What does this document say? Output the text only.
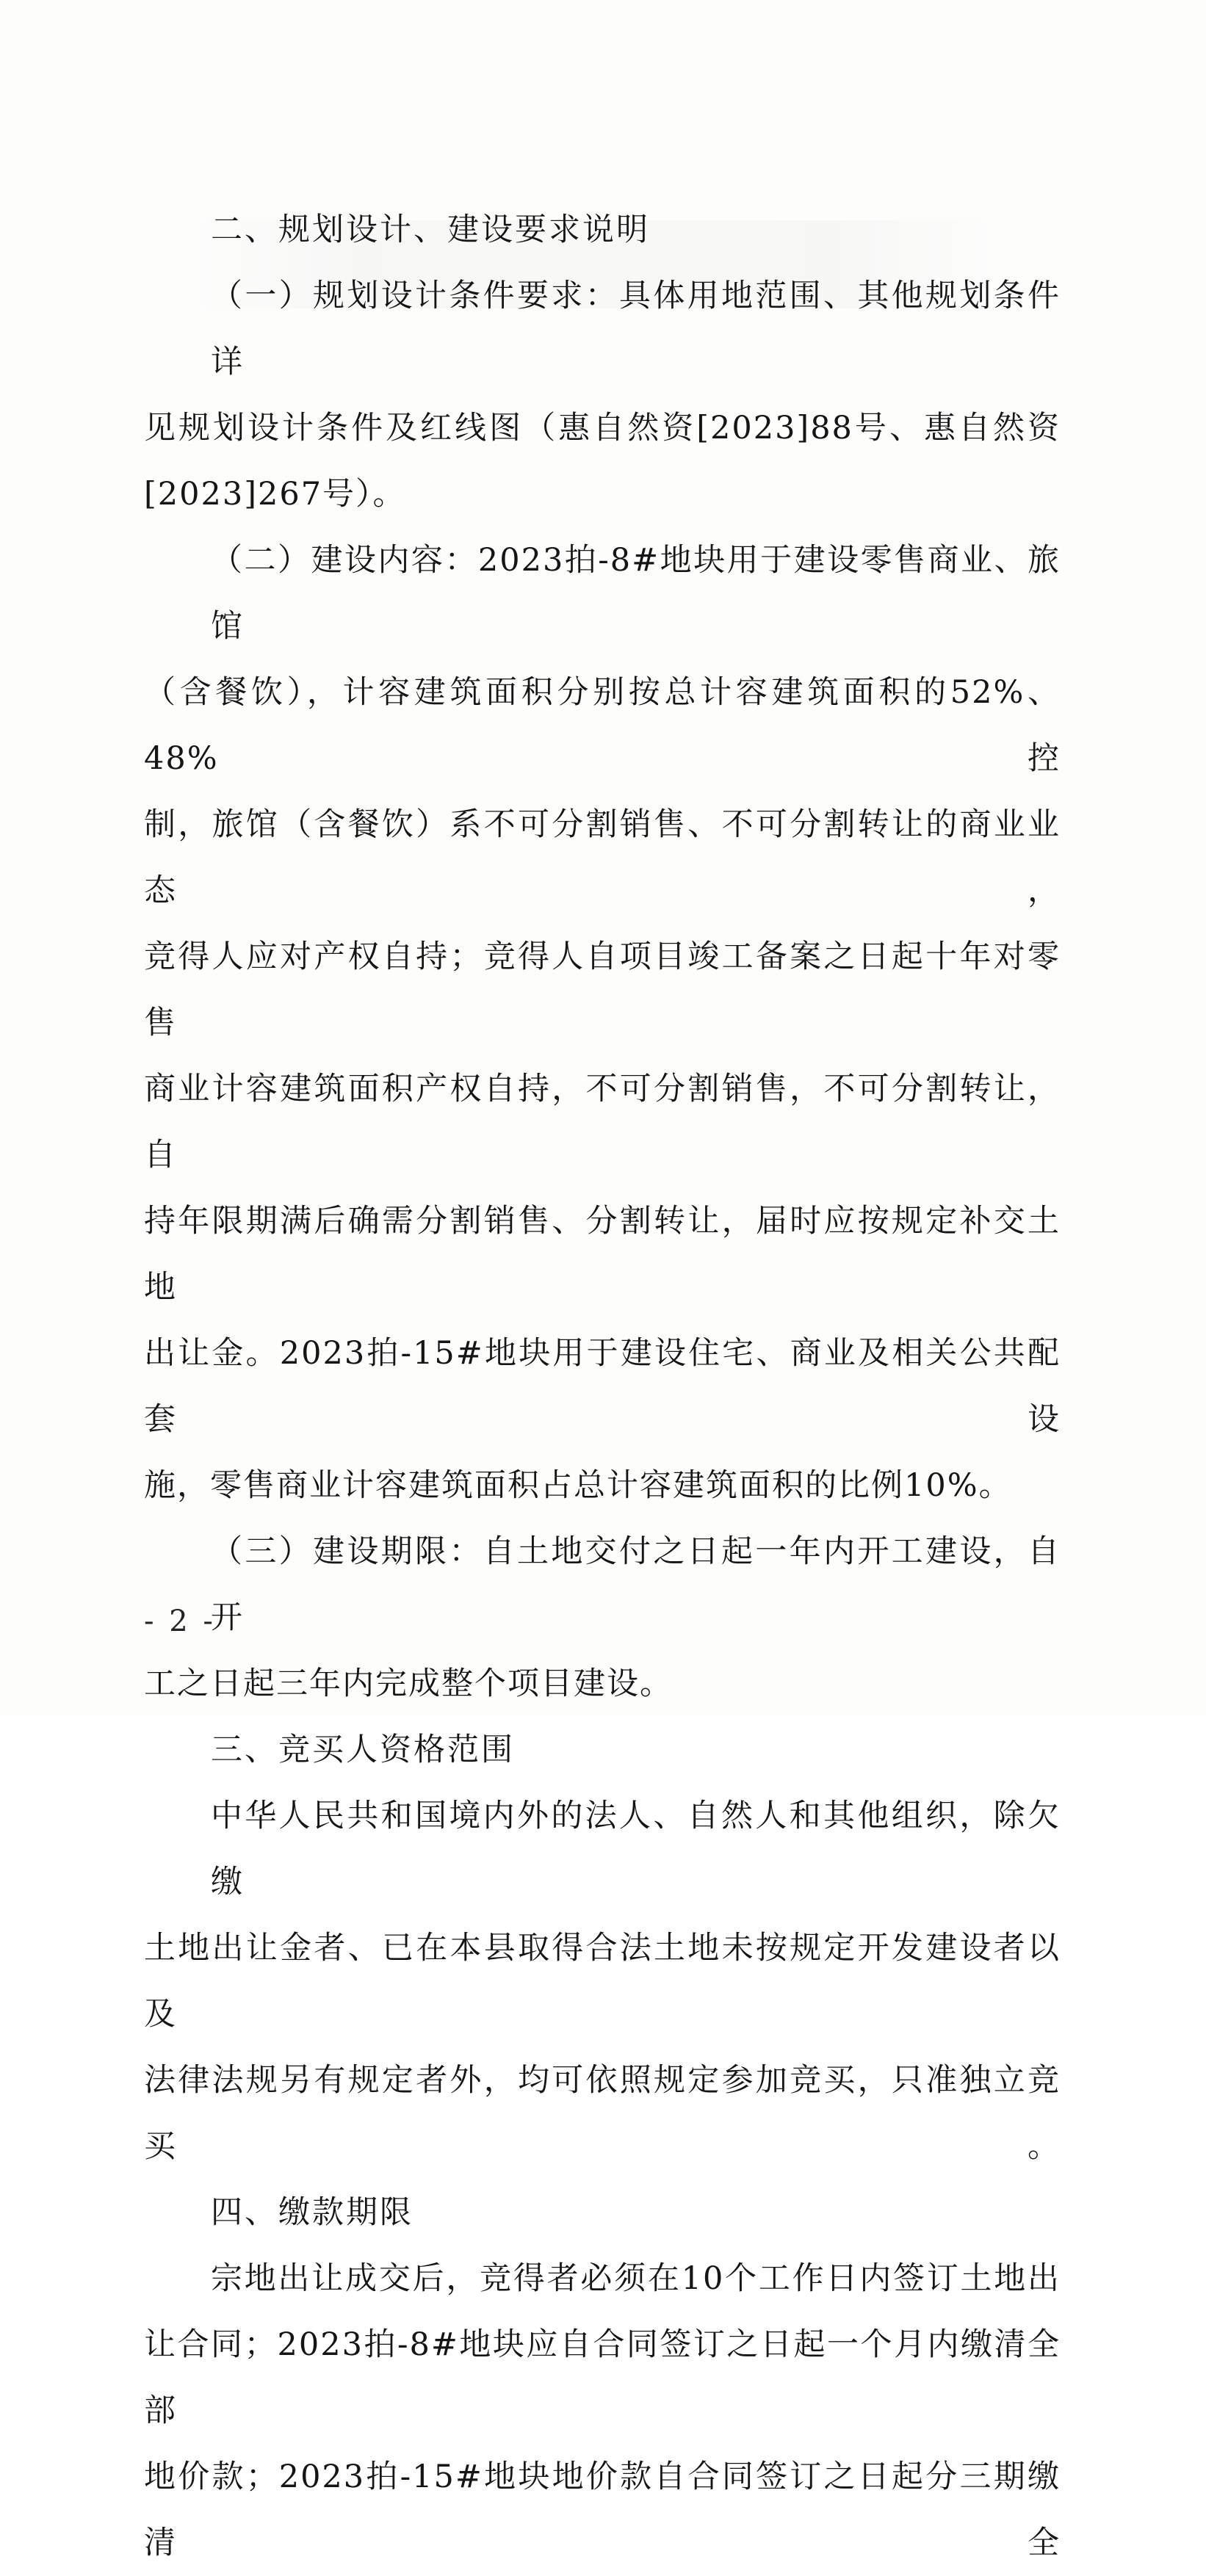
二、规划设计、建设要求说明
（一）规划设计条件要求：具体用地范围、其他规划条件详
见规划设计条件及红线图（惠自然资[2023]88号、惠自然资
[2023]267号）。
（二）建设内容：2023拍-8#地块用于建设零售商业、旅馆
（含餐饮），计容建筑面积分别按总计容建筑面积的52%、48%控
制，旅馆（含餐饮）系不可分割销售、不可分割转让的商业业态，
竞得人应对产权自持；竞得人自项目竣工备案之日起十年对零售
商业计容建筑面积产权自持，不可分割销售，不可分割转让，自
持年限期满后确需分割销售、分割转让，届时应按规定补交土地
出让金。2023拍-15#地块用于建设住宅、商业及相关公共配套设
施，零售商业计容建筑面积占总计容建筑面积的比例10%。
（三）建设期限：自土地交付之日起一年内开工建设，自开
工之日起三年内完成整个项目建设。
三、竞买人资格范围
中华人民共和国境内外的法人、自然人和其他组织，除欠缴
土地出让金者、已在本县取得合法土地未按规定开发建设者以及
法律法规另有规定者外，均可依照规定参加竞买，只准独立竞买。
四、缴款期限
宗地出让成交后，竞得者必须在10个工作日内签订土地出
让合同；2023拍-8#地块应自合同签订之日起一个月内缴清全部
地价款；2023拍-15#地块地价款自合同签订之日起分三期缴清全
- 2 -
